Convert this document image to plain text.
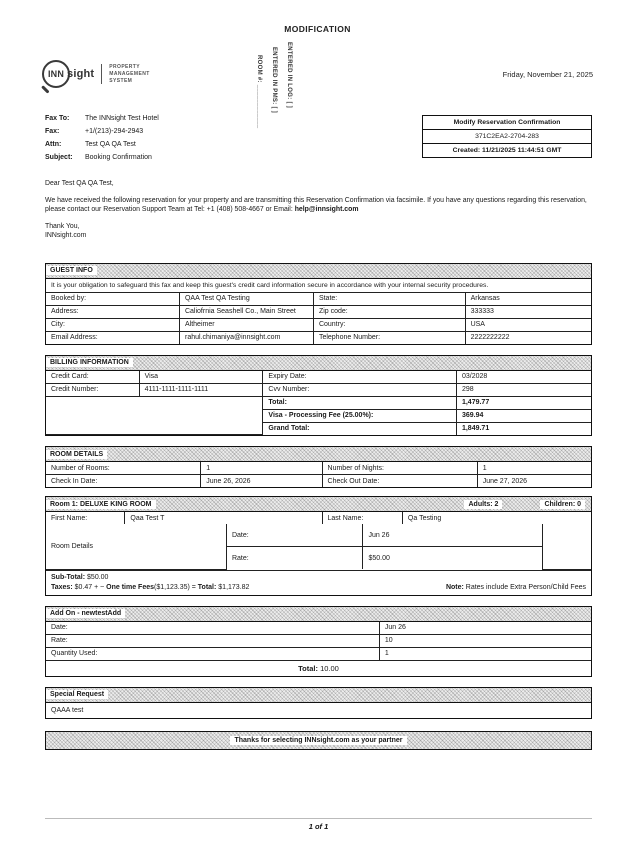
MODIFICATION
ROOM #: ____________ ENTERED IN PMS: [ ] ENTERED IN LOG: [ ]
INN sight
PROPERTY
MANAGEMENT
SYSTEM
Friday, November 21, 2025
Fax To: The INNsight Test Hotel
Fax:	+1/(213)-294-2943
Attn:	Test QA QA Test
Subject: Booking Confirmation
Modify Reservation Confirmation
371C2EA2-2704-283
Created: 11/21/2025 11:44:51 GMT
Dear Test QA QA Test,
We have received the following reservation for your property and are transmitting this Reservation Confirmation via facsimile. If you have any questions regarding this reservation, please contact our Reservation Support Team at Tel: +1 (408) 508-4667 or Email: help@innsight.com
Thank You,
INNsight.com
GUEST INFO
It is your obligation to safeguard this fax and keep this guest's credit card information secure in accordance with your internal security procedures.
Booked by:	QAA Test QA Testing	State:	Arkansas
Address:	Caliofrnia Seashell Co., Main Street	Zip code:	333333
City:	Altheimer	Country:	USA
Email Address:	rahul.chimaniya@innsight.com	Telephone Number:	2222222222
BILLING INFORMATION
Credit Card:	Visa	Expiry Date:	03/2028
Credit Number:	4111-1111-1111-1111	Cvv Number:	298
		Total:	1,479.77
		Visa - Processing Fee (25.00%):	369.94
		Grand Total:	1,849.71
ROOM DETAILS
Number of Rooms:	1	Number of Nights:	1
Check In Date:	June 26, 2026	Check Out Date:	June 27, 2026
Room 1: DELUXE KING ROOM	Adults: 2	Children: 0
First Name:	Qaa Test T	Last Name:	Qa Testing
Room Details	Date:	Jun 26	
	Rate:	$50.00	
Sub-Total: $50.00
Taxes: $0.47 + ~ One time Fees($1,123.35) = Total: $1,173.82	Note: Rates include Extra Person/Child Fees
Add On - newtestAdd
Date:	Jun 26
Rate:	10
Quantity Used:	1
Total: 10.00
Special Request
QAAA test
Thanks for selecting INNsight.com as your partner
1 of 1
